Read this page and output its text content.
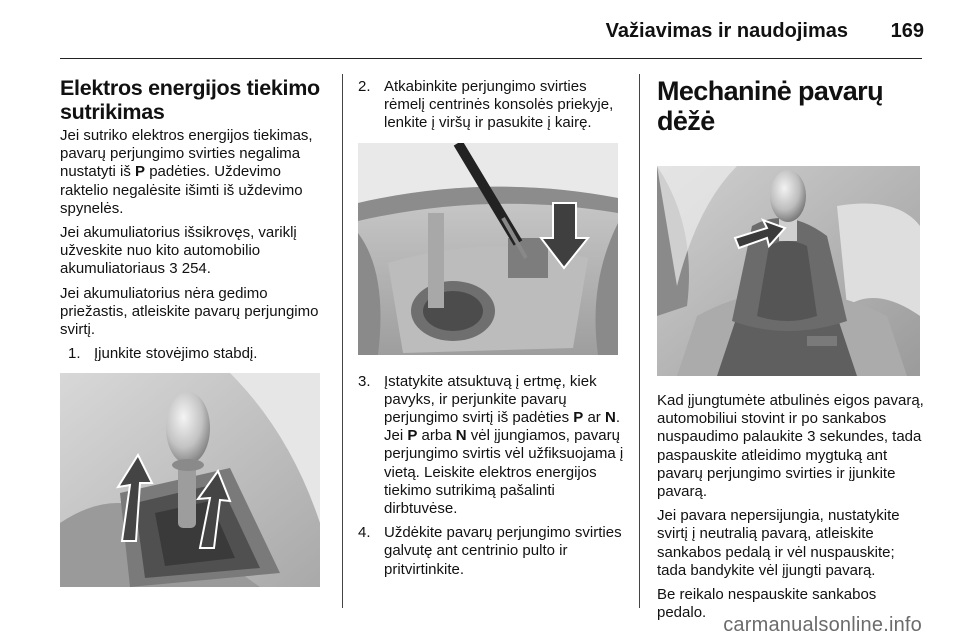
Važiavimas ir naudojimas 169
Elektros energijos tiekimo sutrikimas

Jei sutriko elektros energijos tiekimas, pavarų perjungimo svirties negalima nustatyti iš P padėties. Uždevimo raktelio negalėsite išimti iš uždevimo spynelės.

Jei akumuliatorius išsikrovęs, variklį užveskite nuo kito automobilio akumuliatoriaus 3 254.

Jei akumuliatorius nėra gedimo priežastis, atleiskite pavarų perjungimo svirtį.

1. Įjunkite stovėjimo stabdį.
2. Atkabinkite perjungimo svirties rėmelį centrinės konsolės priekyje, lenkite į viršų ir pasukite į kairę.
3. Įstatykite atsuktuvą į ertmę, kiek pavyks, ir perjunkite pavarų perjungimo svirtį iš padėties P ar N. Jei P arba N vėl įjungiamos, pavarų perjungimo svirtis vėl užfiksuojama į vietą. Leiskite elektros energijos tiekimo sutrikimą pašalinti dirbtuvėse.
4. Uždėkite pavarų perjungimo svirties galvutę ant centrinio pulto ir pritvirtinkite.
Mechaninė pavarų dėžė

Kad įjungtumėte atbulinės eigos pavarą, automobiliui stovint ir po sankabos nuspaudimo palaukite 3 sekundes, tada paspauskite atleidimo mygtuką ant pavarų perjungimo svirties ir įjunkite pavarą.

Jei pavara nepersijungia, nustatykite svirtį į neutralią pavarą, atleiskite sankabos pedalą ir vėl nuspauskite; tada bandykite vėl įjungti pavarą.

Be reikalo nespauskite sankabos pedalo.

carmanualsonline.info
